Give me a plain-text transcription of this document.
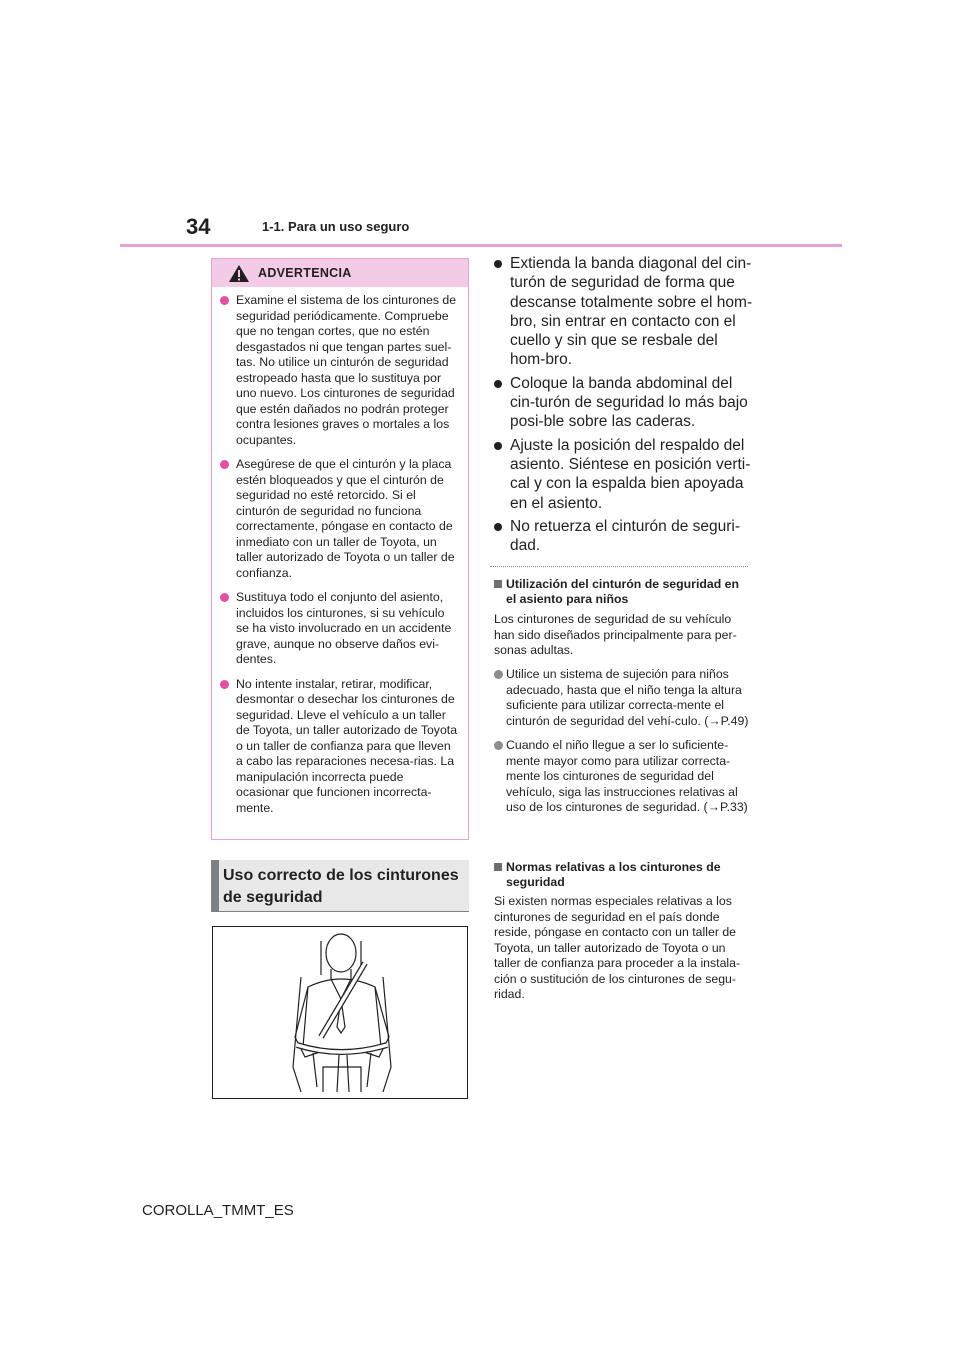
34	1-1. Para un uso seguro
ADVERTENCIA
Examine el sistema de los cinturones de seguridad periódicamente. Compruebe que no tengan cortes, que no estén desgastados ni que tengan partes suel-tas. No utilice un cinturón de seguridad estropeado hasta que lo sustituya por uno nuevo. Los cinturones de seguridad que estén dañados no podrán proteger contra lesiones graves o mortales a los ocupantes.
Asegúrese de que el cinturón y la placa estén bloqueados y que el cinturón de seguridad no esté retorcido. Si el cinturón de seguridad no funciona correctamente, póngase en contacto de inmediato con un taller de Toyota, un taller autorizado de Toyota o un taller de confianza.
Sustituya todo el conjunto del asiento, incluidos los cinturones, si su vehículo se ha visto involucrado en un accidente grave, aunque no observe daños evi-dentes.
No intente instalar, retirar, modificar, desmontar o desechar los cinturones de seguridad. Lleve el vehículo a un taller de Toyota, un taller autorizado de Toyota o un taller de confianza para que lleven a cabo las reparaciones necesa-rias. La manipulación incorrecta puede ocasionar que funcionen incorrecta-mente.
Uso correcto de los cinturones de seguridad
Extienda la banda diagonal del cin-turón de seguridad de forma que descanse totalmente sobre el hom-bro, sin entrar en contacto con el cuello y sin que se resbale del hom-bro.
Coloque la banda abdominal del cin-turón de seguridad lo más bajo posi-ble sobre las caderas.
Ajuste la posición del respaldo del asiento. Siéntese en posición verti-cal y con la espalda bien apoyada en el asiento.
No retuerza el cinturón de seguri-dad.
Utilización del cinturón de seguridad en el asiento para niños
Los cinturones de seguridad de su vehículo han sido diseñados principalmente para per-sonas adultas.
Utilice un sistema de sujeción para niños adecuado, hasta que el niño tenga la altura suficiente para utilizar correcta-mente el cinturón de seguridad del vehí-culo. (→P.49)
Cuando el niño llegue a ser lo suficiente-mente mayor como para utilizar correcta-mente los cinturones de seguridad del vehículo, siga las instrucciones relativas al uso de los cinturones de seguridad. (→P.33)
Normas relativas a los cinturones de seguridad
Si existen normas especiales relativas a los cinturones de seguridad en el país donde reside, póngase en contacto con un taller de Toyota, un taller autorizado de Toyota o un taller de confianza para proceder a la instala-ción o sustitución de los cinturones de segu-ridad.
COROLLA_TMMT_ES
